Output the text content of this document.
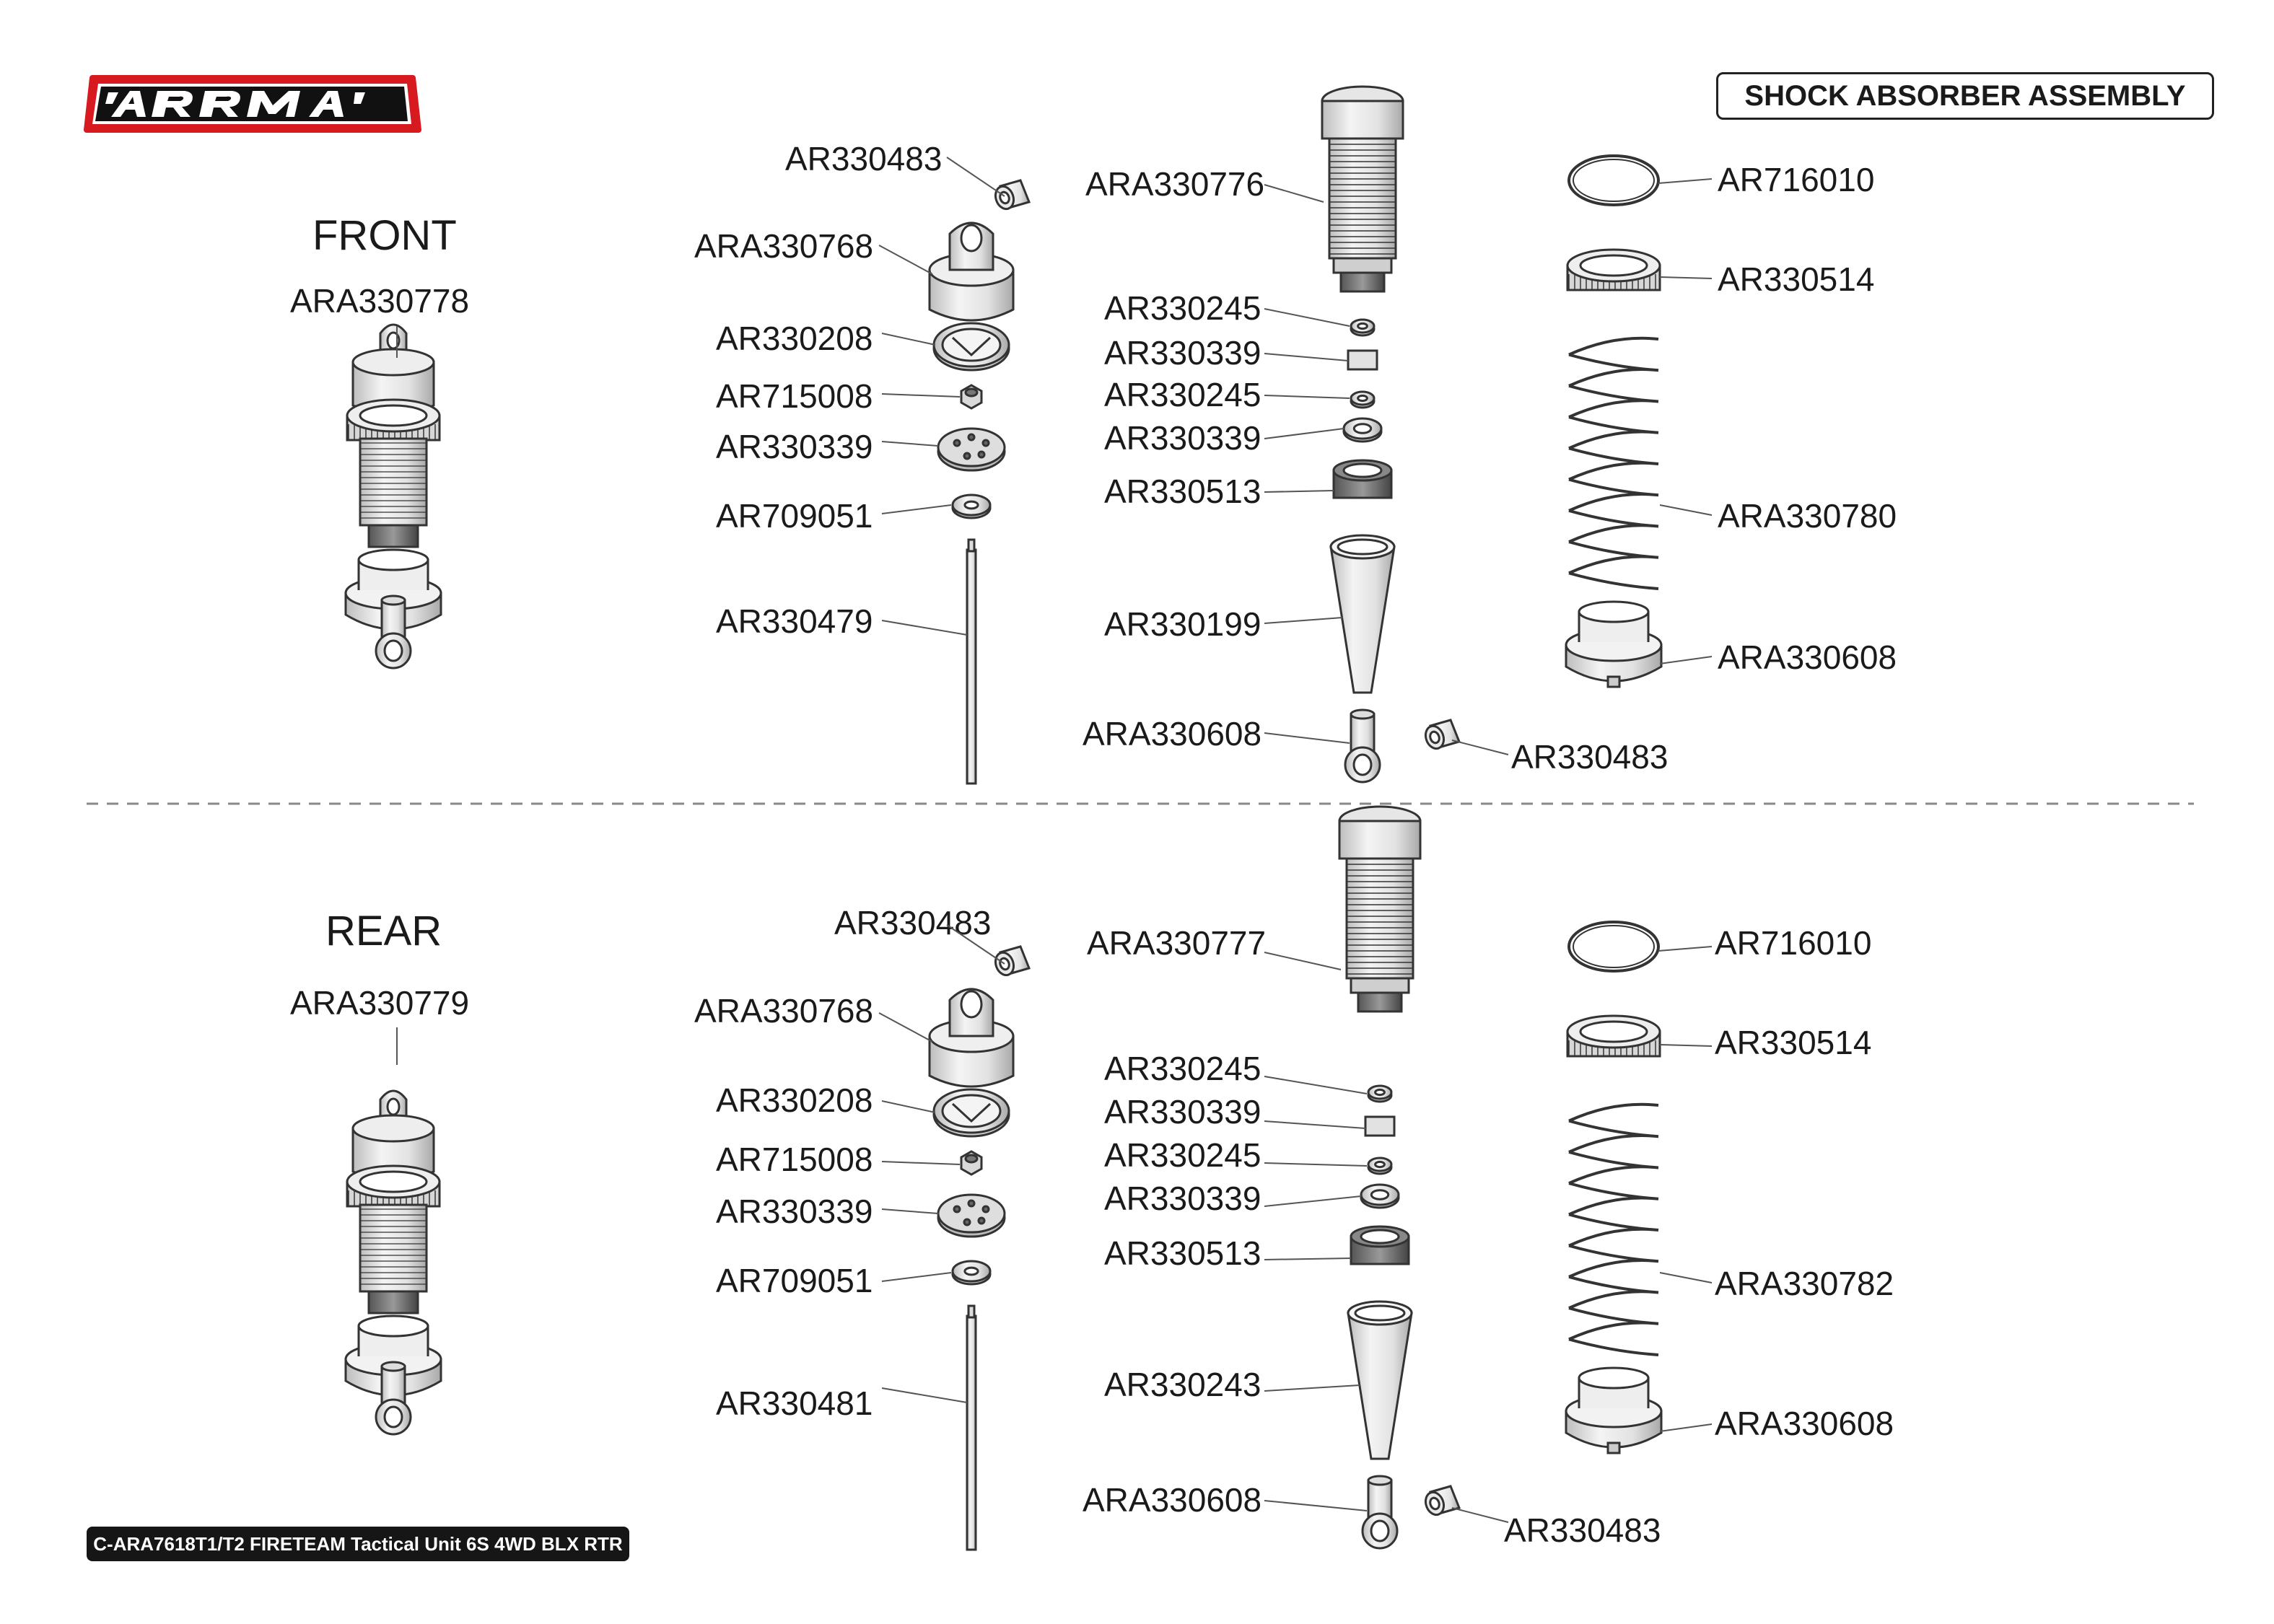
SHOCK ABSORBER ASSEMBLY
FRONT
ARA330778
REAR
ARA330779
AR330483
ARA330768
AR330208
AR715008
AR330339
AR709051
AR330479
ARA330776
AR330245
AR330339
AR330245
AR330339
AR330513
AR330199
ARA330608
AR330483
AR716010
AR330514
ARA330780
ARA330608
AR330483
ARA330768
AR330208
AR715008
AR330339
AR709051
AR330481
ARA330777
AR330245
AR330339
AR330245
AR330339
AR330513
AR330243
ARA330608
AR330483
AR716010
AR330514
ARA330782
ARA330608
C-ARA7618T1/T2 FIRETEAM Tactical Unit 6S 4WD BLX RTR
